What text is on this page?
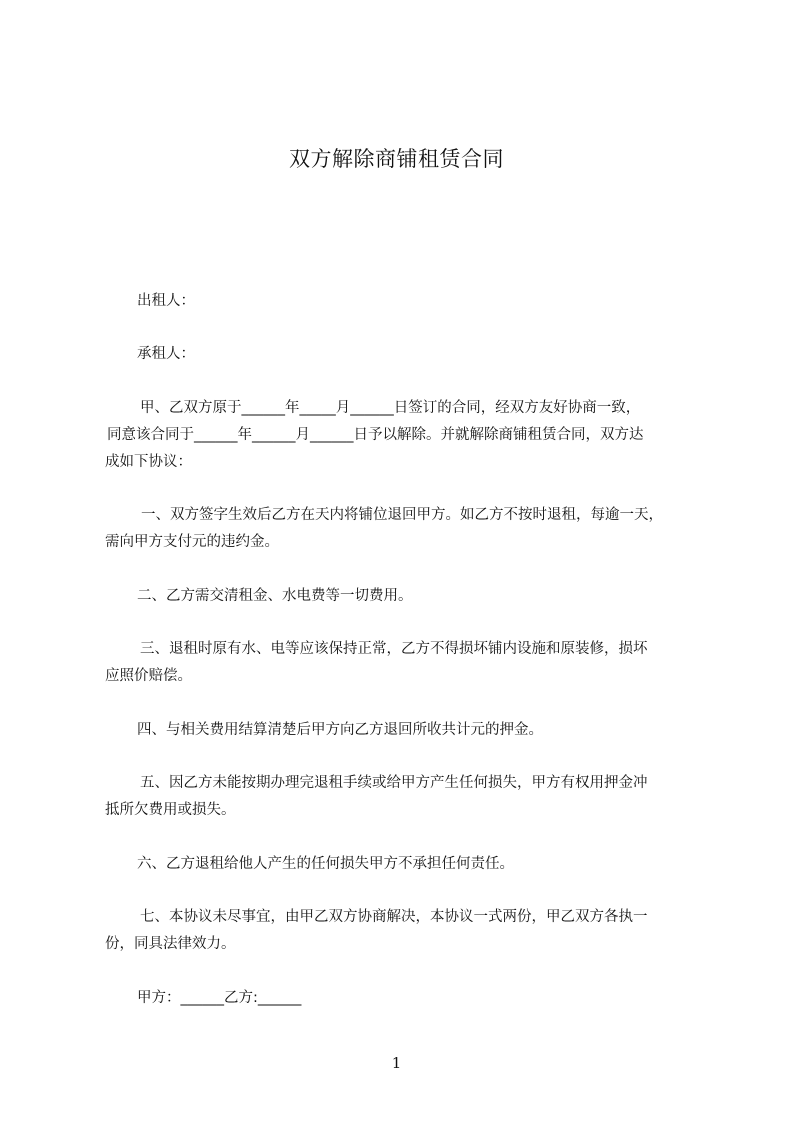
双方解除商铺租赁合同

出租人：

承租人：

甲、乙双方原于______年_____月______日签订的合同，经双方友好协商一致，

同意该合同于______年______月______日予以解除。并就解除商铺租赁合同，双方达

成如下协议：

一、双方签字生效后乙方在天内将铺位退回甲方。如乙方不按时退租，每逾一天，

需向甲方支付元的违约金。

二、乙方需交清租金、水电费等一切费用。

三、退租时原有水、电等应该保持正常，乙方不得损坏铺内设施和原装修，损坏

应照价赔偿。

四、与相关费用结算清楚后甲方向乙方退回所收共计元的押金。

五、因乙方未能按期办理完退租手续或给甲方产生任何损失，甲方有权用押金冲

抵所欠费用或损失。

六、乙方退租给他人产生的任何损失甲方不承担任何责任。

七、本协议未尽事宜，由甲乙双方协商解决，本协议一式两份，甲乙双方各执一

份，同具法律效力。

甲方：______乙方:______

1
